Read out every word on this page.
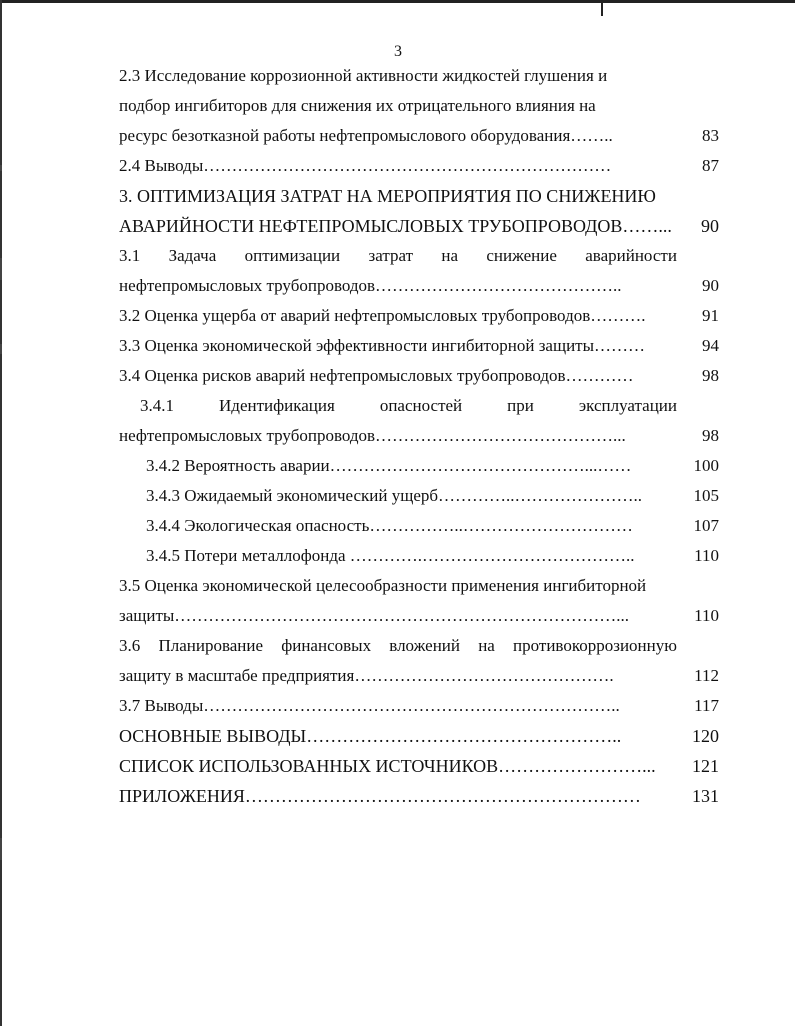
3
2.3 Исследование коррозионной активности жидкостей глушения и
подбор ингибиторов для снижения их отрицательного влияния на
ресурс безотказной работы нефтепромыслового оборудования……..	83
2.4 Выводы………………………………………………………………	87
3. ОПТИМИЗАЦИЯ ЗАТРАТ НА МЕРОПРИЯТИЯ ПО СНИЖЕНИЮ
АВАРИЙНОСТИ НЕФТЕПРОМЫСЛОВЫХ ТРУБОПРОВОДОВ……... 90
3.1 Задача оптимизации затрат на снижение аварийности
нефтепромысловых трубопроводов……………………………………..	90
3.2 Оценка ущерба от аварий нефтепромысловых трубопроводов……….	91
3.3 Оценка экономической эффективности ингибиторной защиты………	94
3.4 Оценка рисков аварий нефтепромысловых трубопроводов…………	98
3.4.1	Идентификация	опасностей	при	эксплуатации
нефтепромысловых трубопроводов……………………………………...	98
3.4.2 Вероятность аварии………………………………………...……	100
3.4.3 Ожидаемый экономический ущерб…………..…………………..	105
3.4.4 Экологическая опасность……………..…………………………	107
3.4.5 Потери металлофонда ………….………………………………..	110
3.5 Оценка экономической целесообразности применения ингибиторной
защиты……………………………………………………………………...	110
3.6 Планирование финансовых вложений на противокоррозионную
защиту в масштабе предприятия……………………………………….	112
3.7 Выводы………………………………………………………………..	117
ОСНОВНЫЕ ВЫВОДЫ……………………………………………..	120
СПИСОК ИСПОЛЬЗОВАННЫХ ИСТОЧНИКОВ……………………... 121
ПРИЛОЖЕНИЯ…………………………………………………………	131
